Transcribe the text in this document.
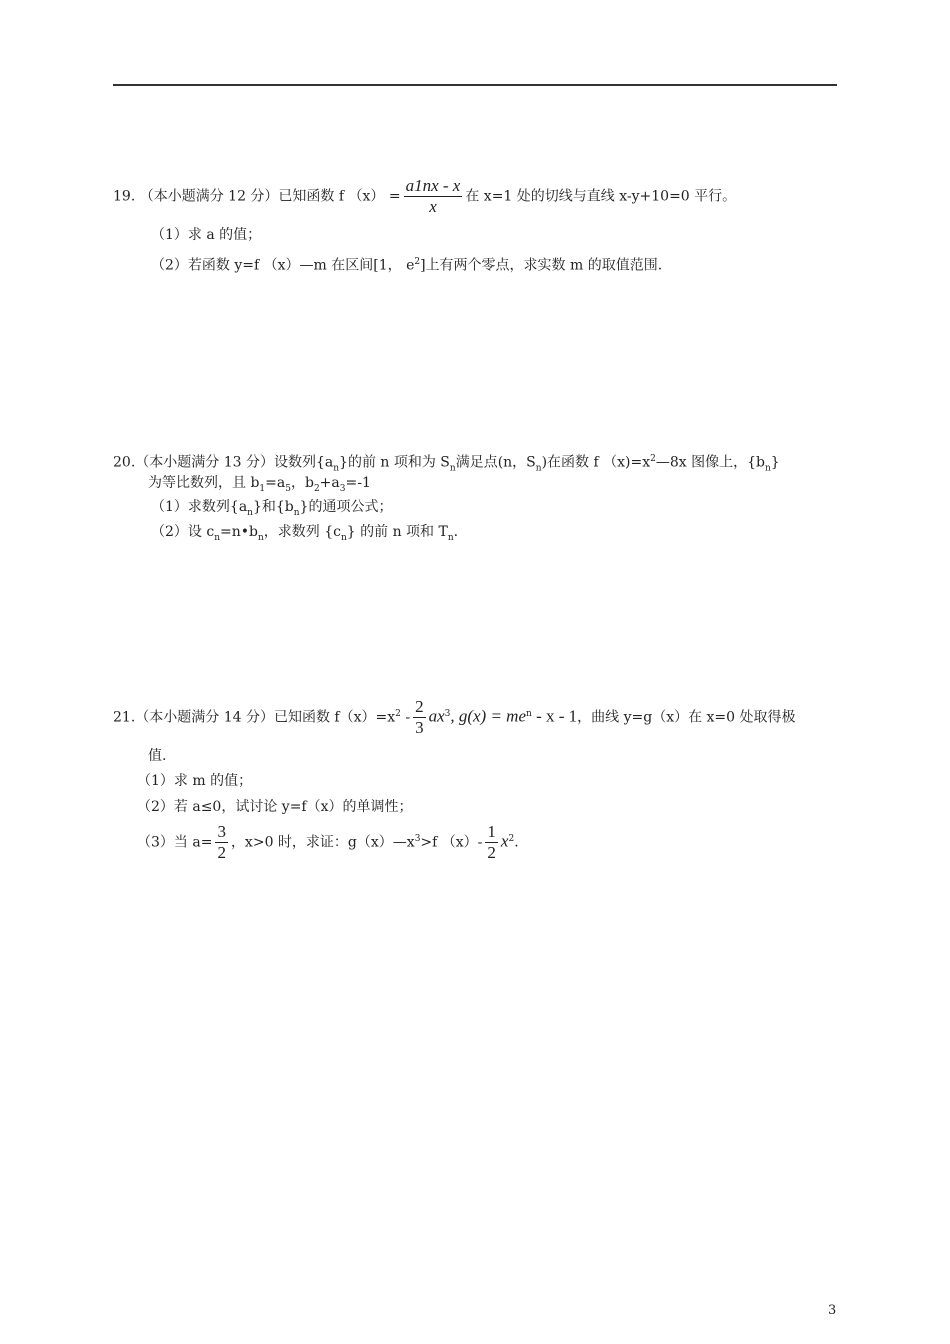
19. （本小题满分 12 分）已知函数 f $(x) = \frac{a1nx - x}{x}$ 在 x=1 处的切线与直线 x-y+10=0 平行。
（1）求 a 的值；
（2）若函数 y=f （x）—m 在区间[1， $e^2$]上有两个零点，求实数 m 的取值范围.
20.（本小题满分 13 分）设数列$\{a_n\}$的前 n 项和为 $S_n$满足点(n，$S_n$)在函数 f $(x)=x^2—8x$ 图像上，$\{b_n\}$
为等比数列，且 $b_1=a_5$，$b_2+a_3=-1$
（1）求数列$\{a_n\}$和$\{b_n\}$的通项公式；
（2）设 $c_n=n•b_n$，求数列 $\{c_n\}$ 的前 n 项和 $T_n$.
21.（本小题满分 14 分）已知函数 $f(x)=x^2 - \frac{2}{3} ax^3$, $g(x) = me^n - x - 1$，曲线 y=g（x）在 x=0 处取得极
值.
（1）求 m 的值；
（2）若 a≤0，试讨论 y=f（x）的单调性；
（3）当 $a= \frac{3}{2}$ ，x>0 时，求证：$g(x)—x^3>f$ $(x)- \frac{1}{2} x^2$.
3
